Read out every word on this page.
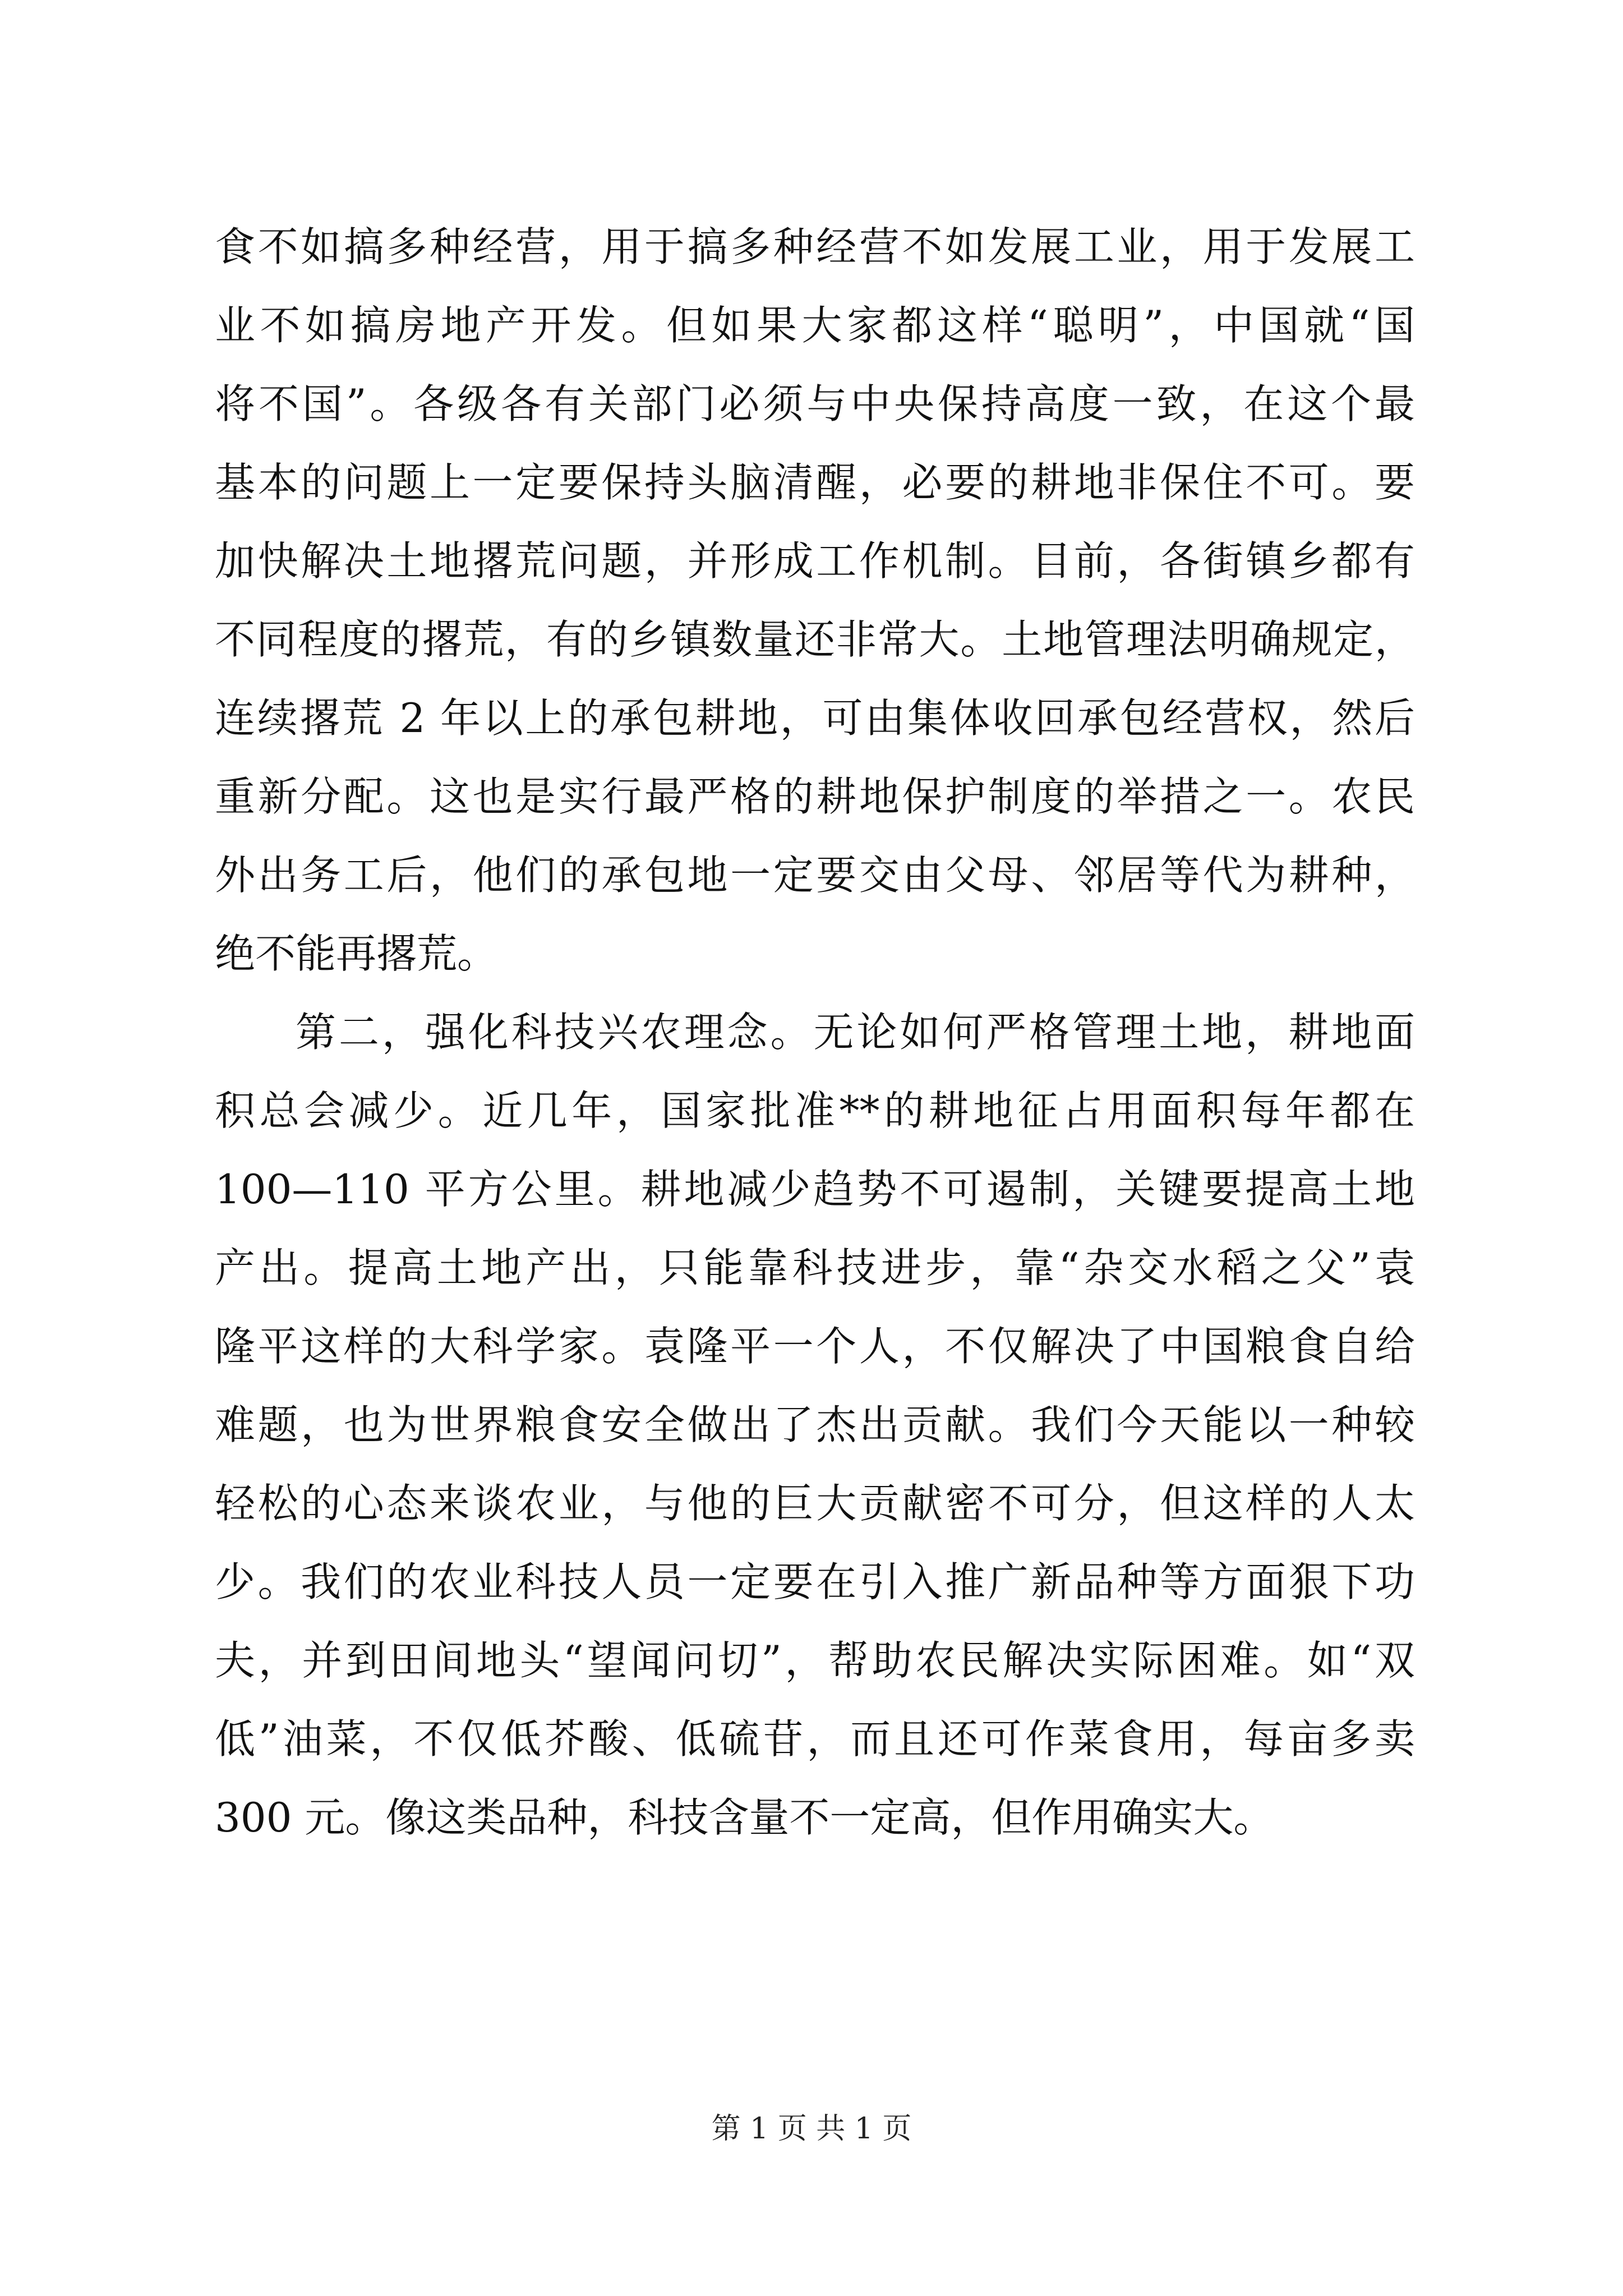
食不如搞多种经营，用于搞多种经营不如发展工业，用于发展工
业不如搞房地产开发。但如果大家都这样“聪明”，中国就“国
将不国”。各级各有关部门必须与中央保持高度一致，在这个最
基本的问题上一定要保持头脑清醒，必要的耕地非保住不可。要
加快解决土地撂荒问题，并形成工作机制。目前，各街镇乡都有
不同程度的撂荒，有的乡镇数量还非常大。土地管理法明确规定，
连续撂荒 2 年以上的承包耕地，可由集体收回承包经营权，然后
重新分配。这也是实行最严格的耕地保护制度的举措之一。农民
外出务工后，他们的承包地一定要交由父母、邻居等代为耕种，
绝不能再撂荒。
第二，强化科技兴农理念。无论如何严格管理土地，耕地面
积总会减少。近几年，国家批准**的耕地征占用面积每年都在
100—110 平方公里。耕地减少趋势不可遏制，关键要提高土地
产出。提高土地产出，只能靠科技进步，靠“杂交水稻之父”袁
隆平这样的大科学家。袁隆平一个人，不仅解决了中国粮食自给
难题，也为世界粮食安全做出了杰出贡献。我们今天能以一种较
轻松的心态来谈农业，与他的巨大贡献密不可分，但这样的人太
少。我们的农业科技人员一定要在引入推广新品种等方面狠下功
夫，并到田间地头“望闻问切”，帮助农民解决实际困难。如“双
低”油菜，不仅低芥酸、低硫苷，而且还可作菜食用，每亩多卖
300 元。像这类品种，科技含量不一定高，但作用确实大。
第 1 页 共 1 页
